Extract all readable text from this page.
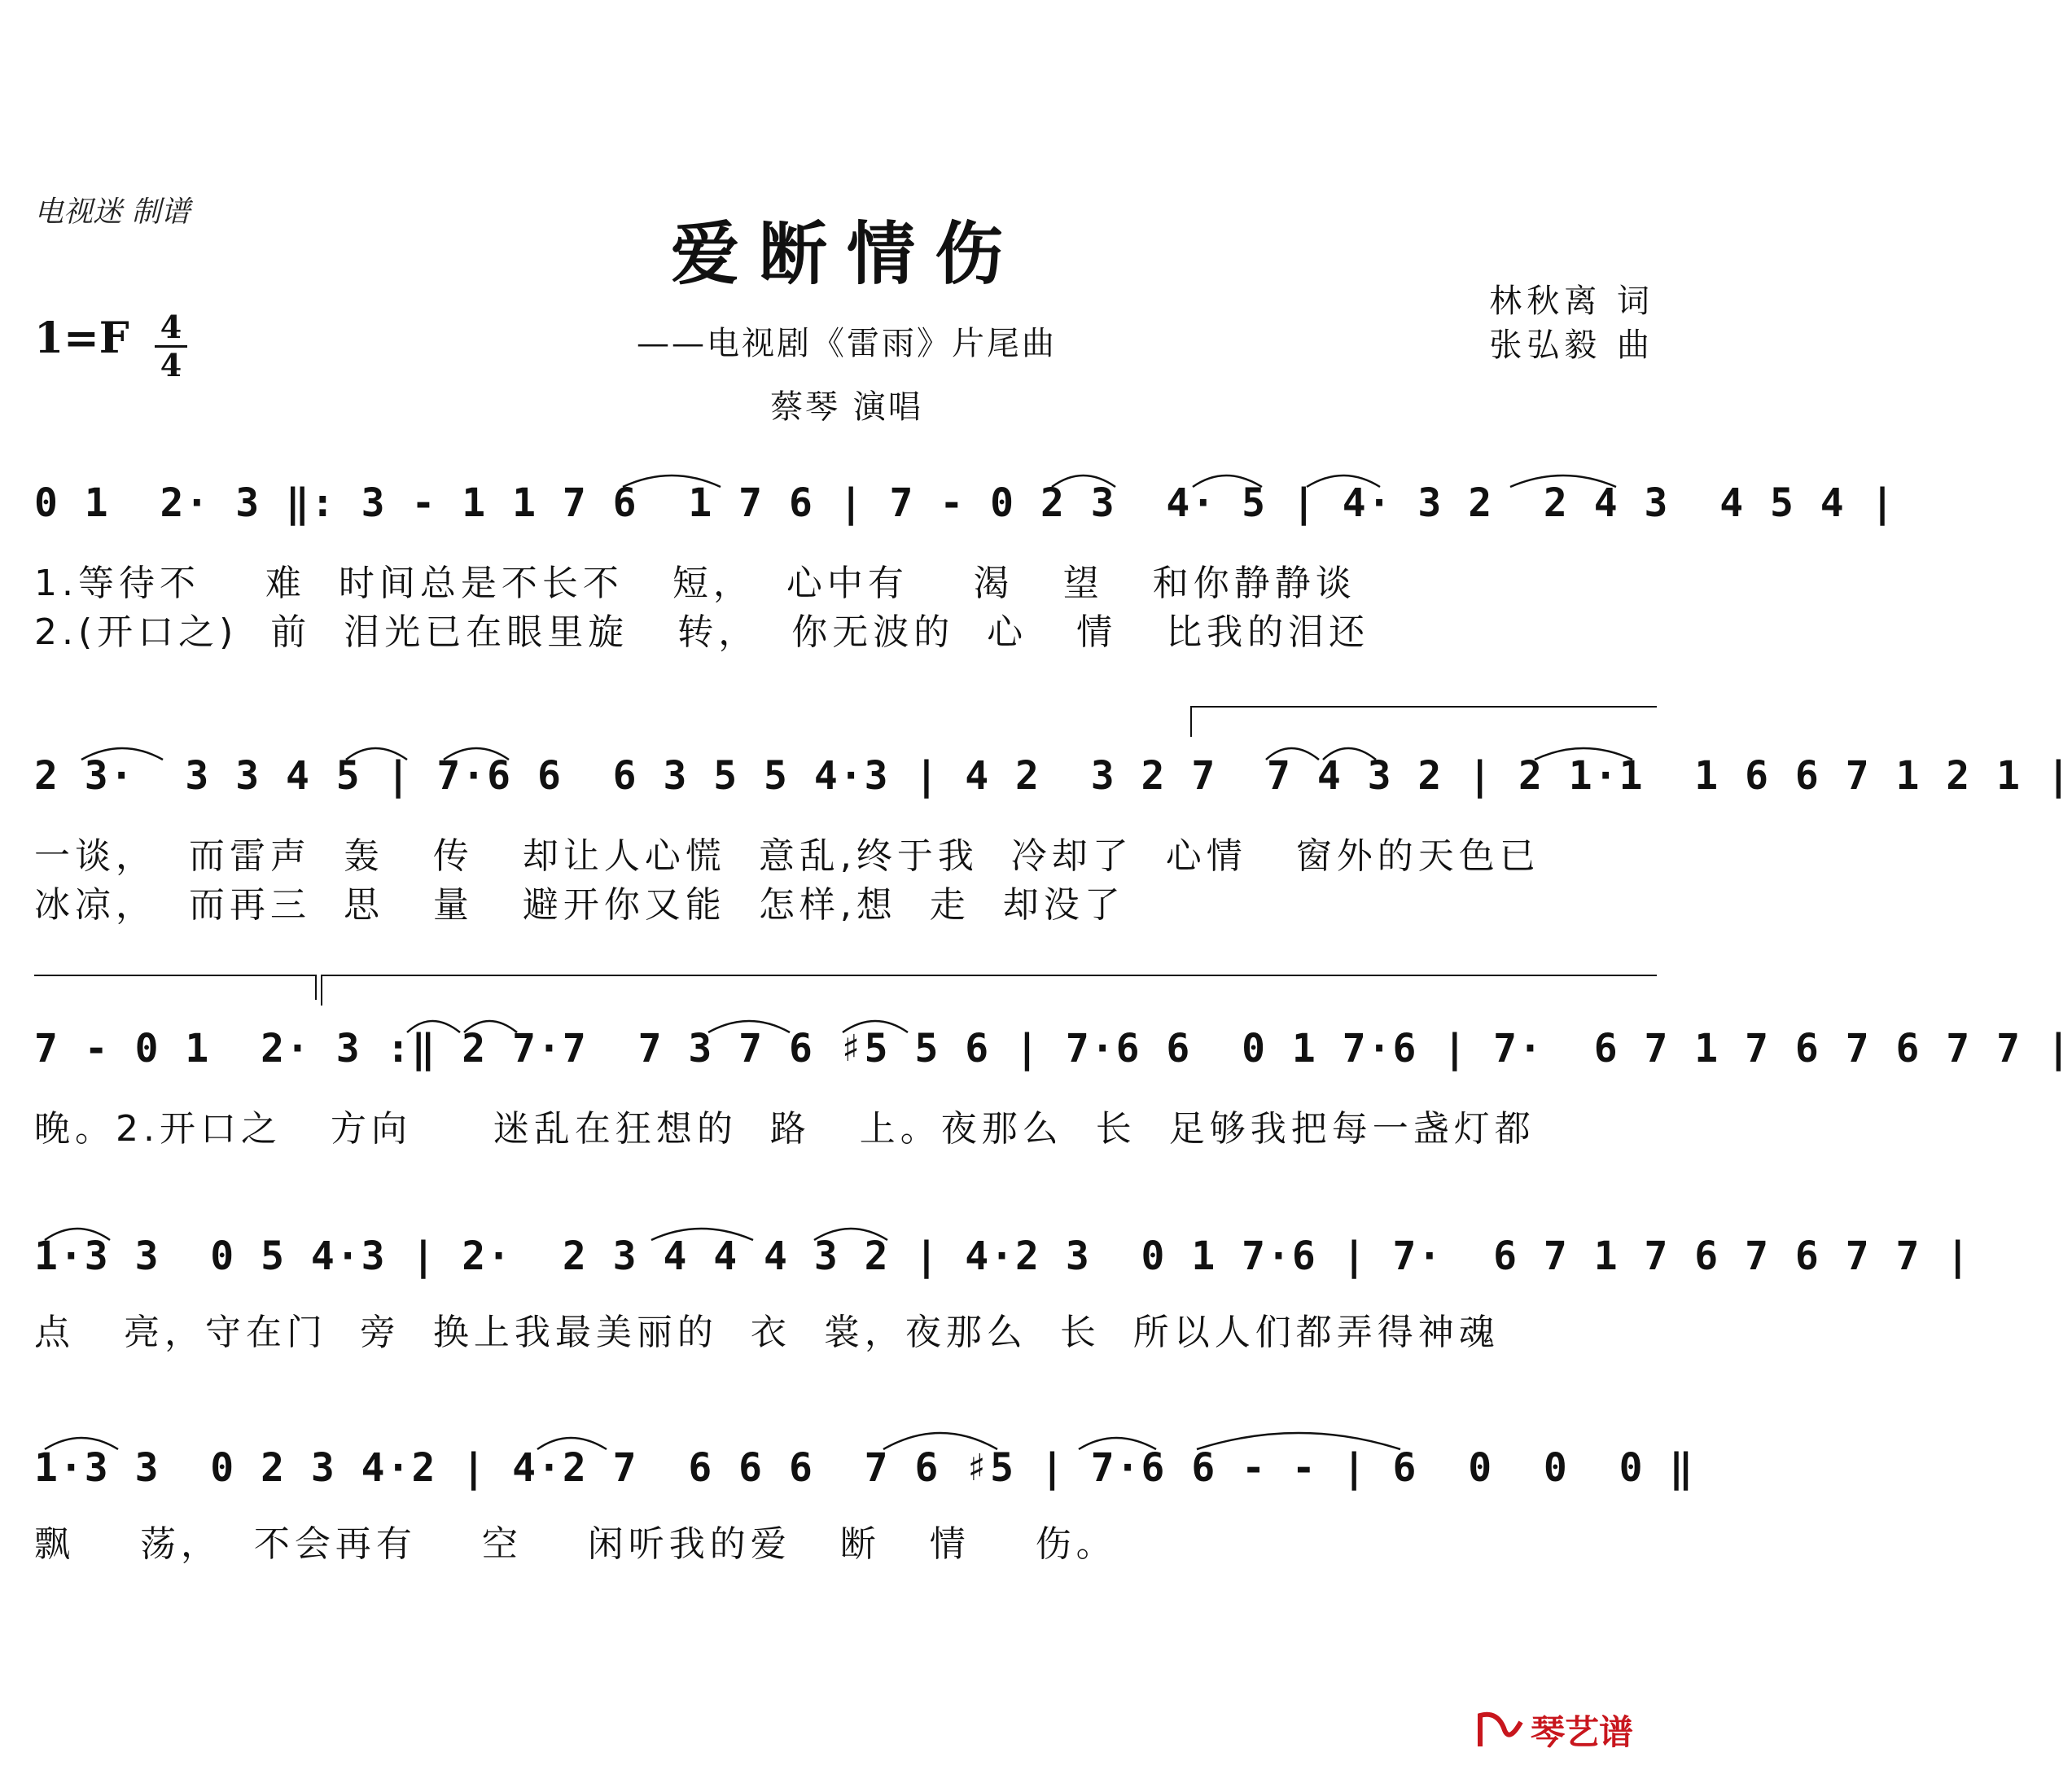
电视迷 制谱
爱断情伤
——电视剧《雷雨》片尾曲
蔡琴 演唱
林秋离 词
张弘毅 曲
1=F 4
4
0 1  2· 3 ‖: 3 - 1 1 7 6  1 7 6 | 7 - 0 2 3  4· 5 | 4· 3 2  2 4 3  4 5 4 |
1.等待不    难  时间总是不长不   短，  心中有    渴   望   和你静静谈
2.(开口之)  前  泪光已在眼里旋   转，  你无波的  心   情   比我的泪还
2 3·  3 3 4 5 | 7·6 6  6 3 5 5 4·3 | 4 2  3 2 7  7 4 3 2 | 2 1·1  1 6 6 7 1 2 1 |
一谈，  而雷声  轰   传   却让人心慌  意乱,终于我  冷却了  心情   窗外的天色已
冰凉，  而再三  思   量   避开你又能  怎样,想  走  却没了
7 - 0 1  2· 3 :‖ 2 7·7  7 3 7 6 ♯5 5 6 | 7·6 6  0 1 7·6 | 7·  6 7 1 7 6 7 6 7 7 |
晚。2.开口之   方向     迷乱在狂想的  路   上。夜那么  长  足够我把每一盏灯都
1·3 3  0 5 4·3 | 2·  2 3 4 4 4 3 2 | 4·2 3  0 1 7·6 | 7·  6 7 1 7 6 7 6 7 7 |
点   亮，守在门  旁  换上我最美丽的  衣  裳，夜那么  长  所以人们都弄得神魂
1·3 3  0 2 3 4·2 | 4·2 7  6 6 6  7 6 ♯5 | 7·6 6 - - | 6  0  0  0 ‖
飘    荡，  不会再有    空    闲听我的爱   断   情    伤。
琴艺谱
